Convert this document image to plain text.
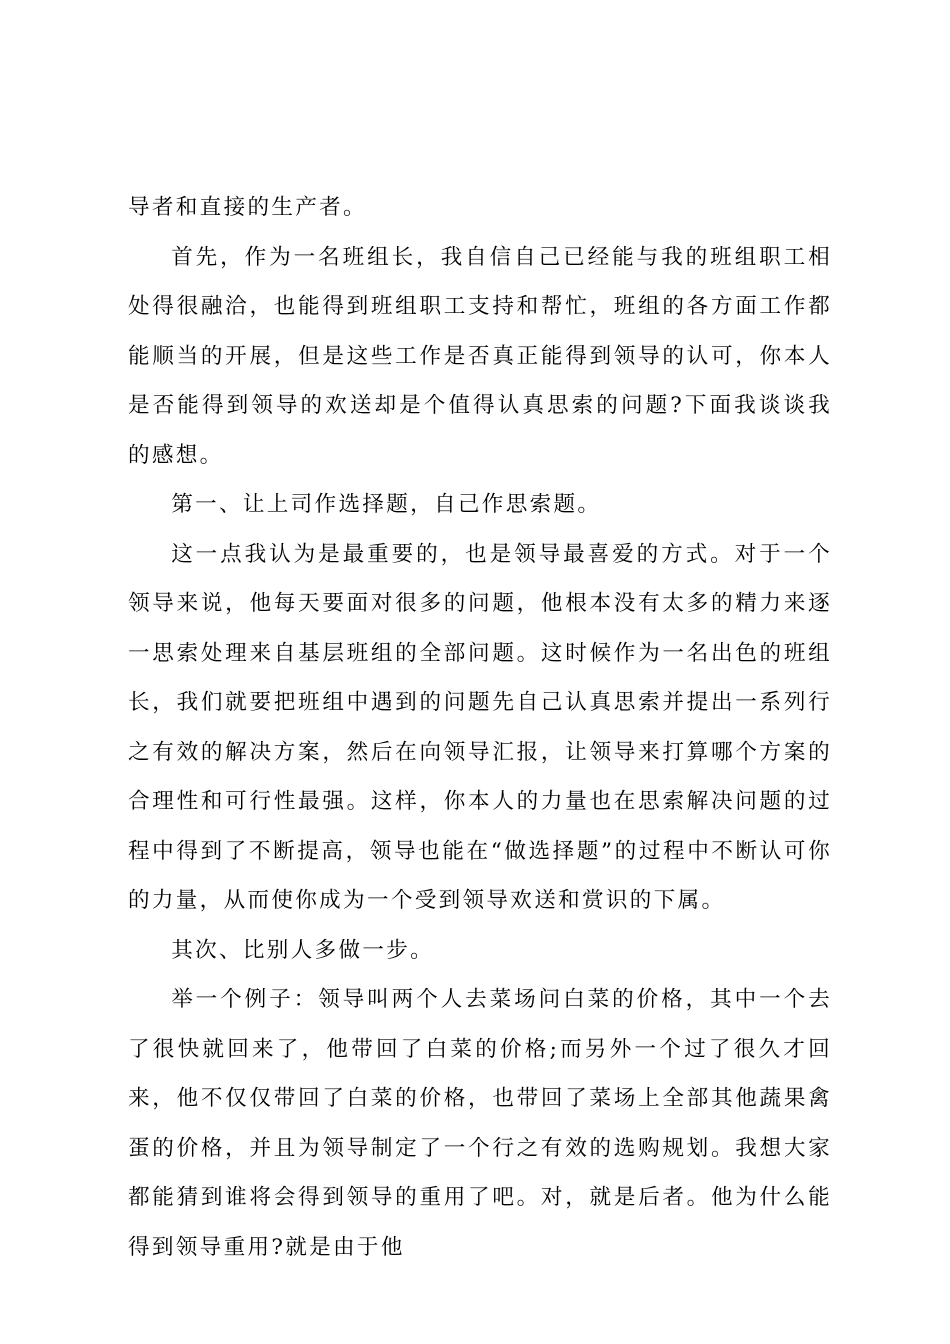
导者和直接的生产者。

首先，作为一名班组长，我自信自己已经能与我的班组职工相处得很融洽，也能得到班组职工支持和帮忙，班组的各方面工作都能顺当的开展，但是这些工作是否真正能得到领导的认可，你本人是否能得到领导的欢送却是个值得认真思索的问题?下面我谈谈我的感想。

第一、让上司作选择题，自己作思索题。

这一点我认为是最重要的，也是领导最喜爱的方式。对于一个领导来说，他每天要面对很多的问题，他根本没有太多的精力来逐一思索处理来自基层班组的全部问题。这时候作为一名出色的班组长，我们就要把班组中遇到的问题先自己认真思索并提出一系列行之有效的解决方案，然后在向领导汇报，让领导来打算哪个方案的合理性和可行性最强。这样，你本人的力量也在思索解决问题的过程中得到了不断提高，领导也能在“做选择题”的过程中不断认可你的力量，从而使你成为一个受到领导欢送和赏识的下属。

其次、比别人多做一步。

举一个例子：领导叫两个人去菜场问白菜的价格，其中一个去了很快就回来了，他带回了白菜的价格;而另外一个过了很久才回来，他不仅仅带回了白菜的价格，也带回了菜场上全部其他蔬果禽蛋的价格，并且为领导制定了一个行之有效的选购规划。我想大家都能猜到谁将会得到领导的重用了吧。对，就是后者。他为什么能得到领导重用?就是由于他
